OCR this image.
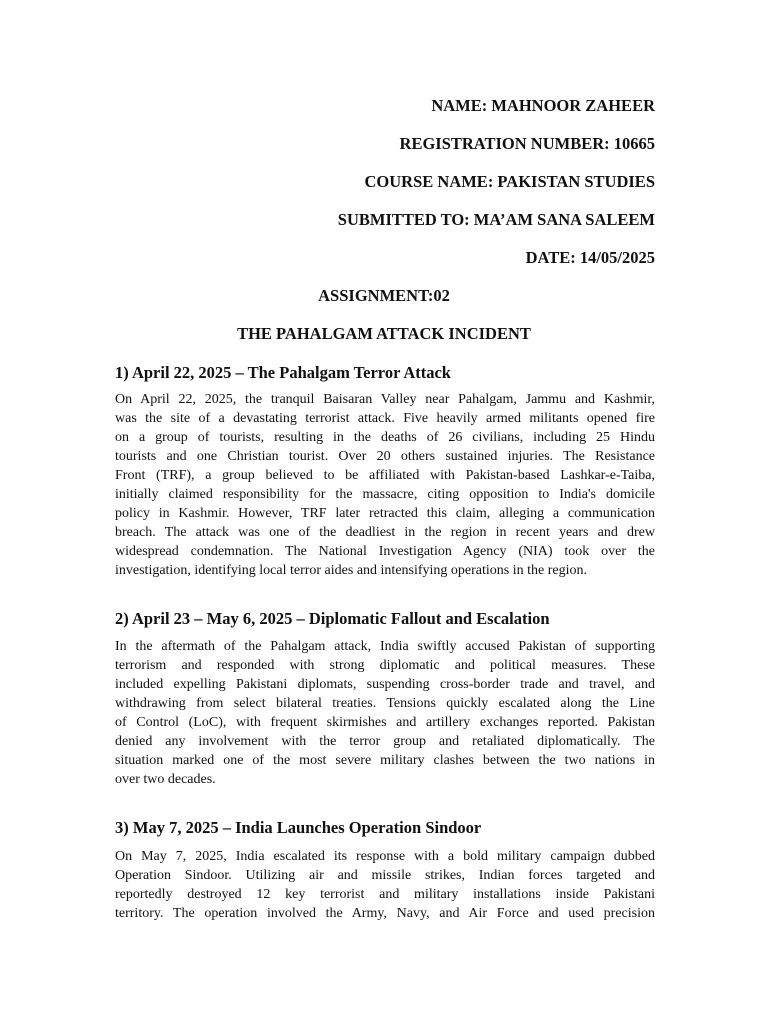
NAME: MAHNOOR ZAHEER
REGISTRATION NUMBER: 10665
COURSE NAME: PAKISTAN STUDIES
SUBMITTED TO: MA’AM SANA SALEEM
DATE: 14/05/2025
ASSIGNMENT:02
THE PAHALGAM ATTACK INCIDENT
1) April 22, 2025 – The Pahalgam Terror Attack
On April 22, 2025, the tranquil Baisaran Valley near Pahalgam, Jammu and Kashmir,
was the site of a devastating terrorist attack. Five heavily armed militants opened fire
on a group of tourists, resulting in the deaths of 26 civilians, including 25 Hindu
tourists and one Christian tourist. Over 20 others sustained injuries. The Resistance
Front (TRF), a group believed to be affiliated with Pakistan-based Lashkar-e-Taiba,
initially claimed responsibility for the massacre, citing opposition to India's domicile
policy in Kashmir. However, TRF later retracted this claim, alleging a communication
breach. The attack was one of the deadliest in the region in recent years and drew
widespread condemnation. The National Investigation Agency (NIA) took over the
investigation, identifying local terror aides and intensifying operations in the region.
2) April 23 – May 6, 2025 – Diplomatic Fallout and Escalation
In the aftermath of the Pahalgam attack, India swiftly accused Pakistan of supporting
terrorism and responded with strong diplomatic and political measures. These
included expelling Pakistani diplomats, suspending cross-border trade and travel, and
withdrawing from select bilateral treaties. Tensions quickly escalated along the Line
of Control (LoC), with frequent skirmishes and artillery exchanges reported. Pakistan
denied any involvement with the terror group and retaliated diplomatically. The
situation marked one of the most severe military clashes between the two nations in
over two decades.
3) May 7, 2025 – India Launches Operation Sindoor
On May 7, 2025, India escalated its response with a bold military campaign dubbed
Operation Sindoor. Utilizing air and missile strikes, Indian forces targeted and
reportedly destroyed 12 key terrorist and military installations inside Pakistani
territory. The operation involved the Army, Navy, and Air Force and used precision
